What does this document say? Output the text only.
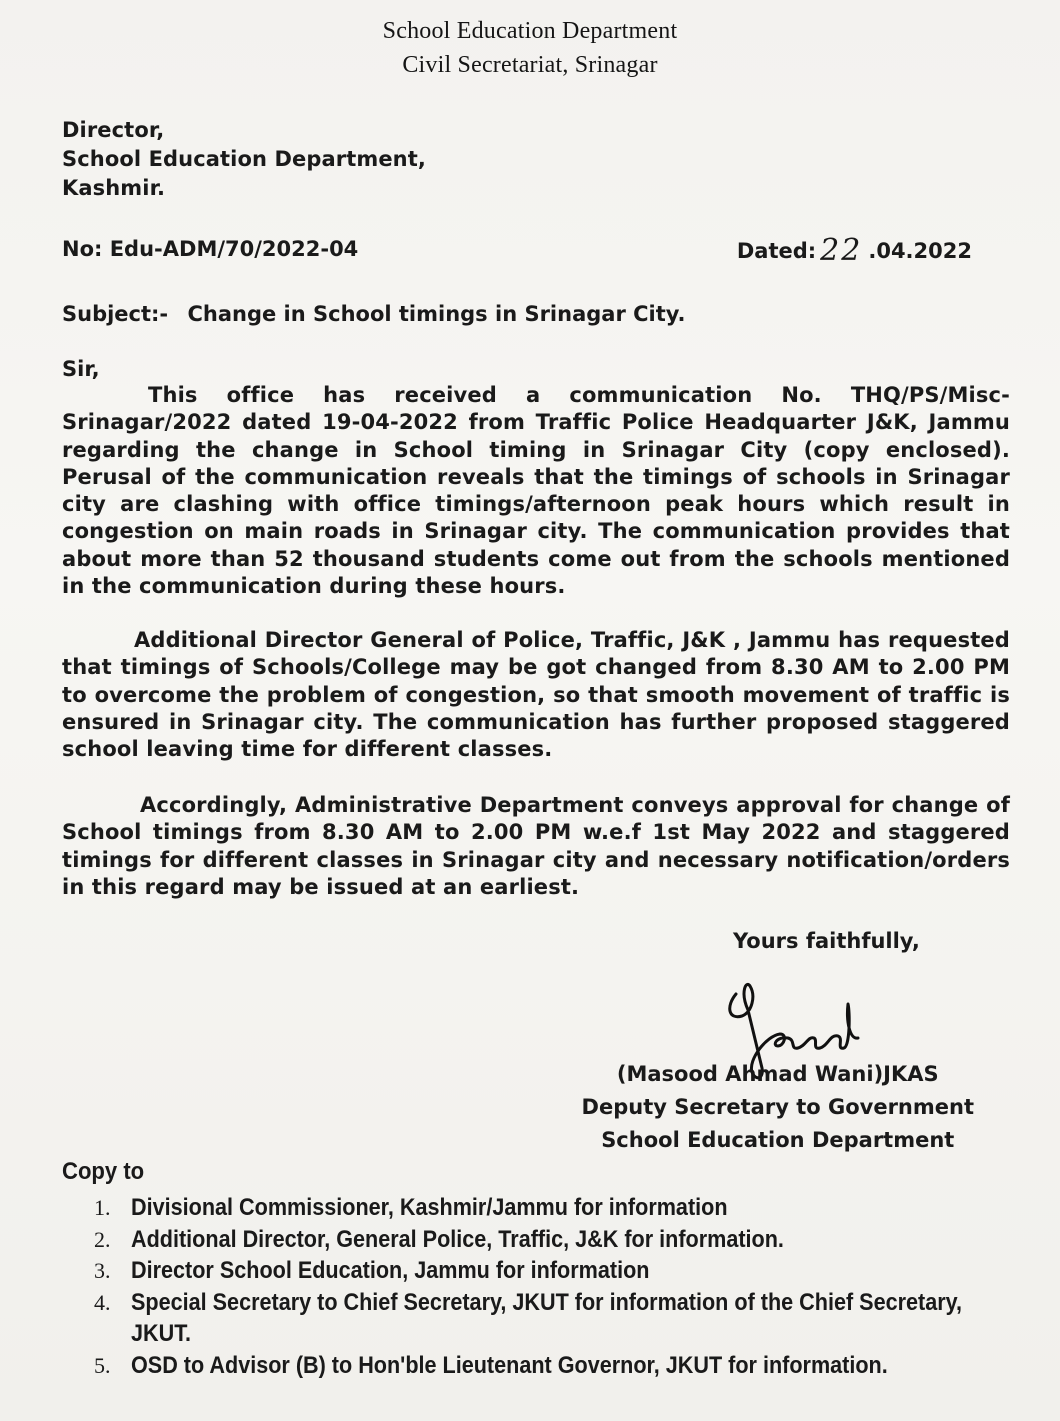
School Education Department
Civil Secretariat, Srinagar
Director,
School Education Department,
Kashmir.
No: Edu-ADM/70/2022-04	Dated: 22 .04.2022
Subject:- Change in School timings in Srinagar City.
Sir,
This office has received a communication No. THQ/PS/Misc-Srinagar/2022 dated 19-04-2022 from Traffic Police Headquarter J&K, Jammu regarding the change in School timing in Srinagar City (copy enclosed). Perusal of the communication reveals that the timings of schools in Srinagar city are clashing with office timings/afternoon peak hours which result in congestion on main roads in Srinagar city. The communication provides that about more than 52 thousand students come out from the schools mentioned in the communication during these hours.
Additional Director General of Police, Traffic, J&K , Jammu has requested that timings of Schools/College may be got changed from 8.30 AM to 2.00 PM to overcome the problem of congestion, so that smooth movement of traffic is ensured in Srinagar city. The communication has further proposed staggered school leaving time for different classes.
Accordingly, Administrative Department conveys approval for change of School timings from 8.30 AM to 2.00 PM w.e.f 1st May 2022 and staggered timings for different classes in Srinagar city and necessary notification/orders in this regard may be issued at an earliest.
Yours faithfully,
(Masood Ahmad Wani)JKAS
Deputy Secretary to Government
School Education Department
Copy to
1. Divisional Commissioner, Kashmir/Jammu for information
2. Additional Director, General Police, Traffic, J&K for information.
3. Director School Education, Jammu for information
4. Special Secretary to Chief Secretary, JKUT for information of the Chief Secretary, JKUT.
5. OSD to Advisor (B) to Hon'ble Lieutenant Governor, JKUT for information.
